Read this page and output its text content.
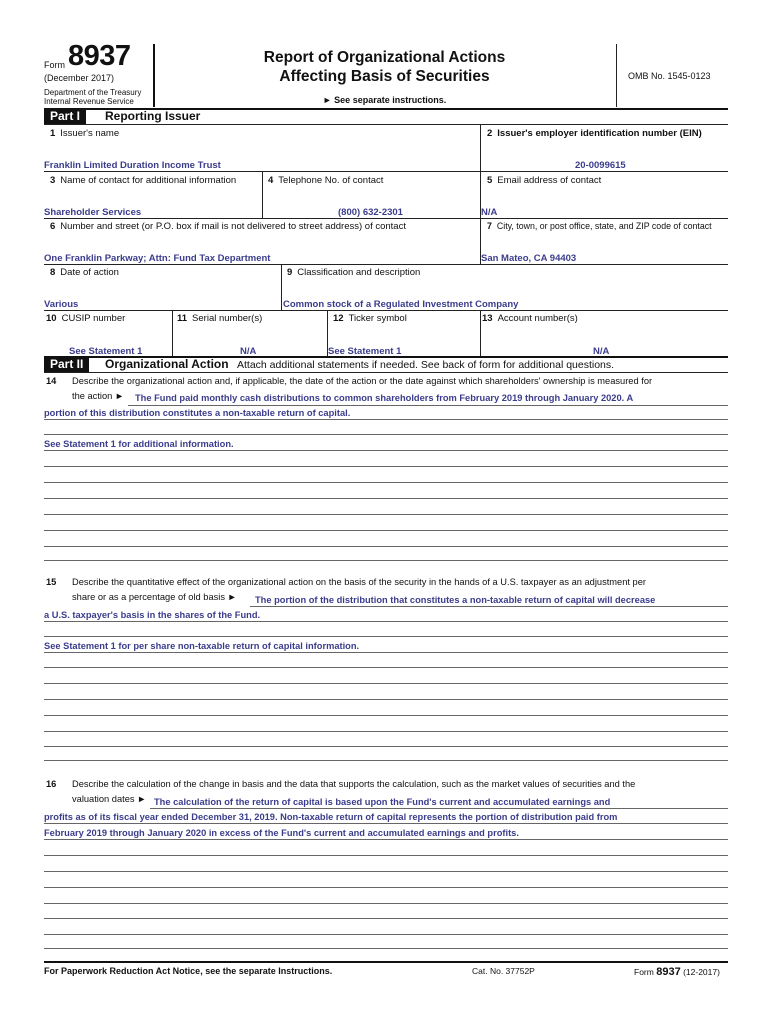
Form 8937
(December 2017)
Department of the Treasury
Internal Revenue Service
Report of Organizational Actions
Affecting Basis of Securities
► See separate instructions.
OMB No. 1545-0123
Part I	Reporting Issuer
1 Issuer's name
Franklin Limited Duration Income Trust
2 Issuer's employer identification number (EIN)
20-0099615
3 Name of contact for additional information
Shareholder Services
4 Telephone No. of contact
(800) 632-2301
5 Email address of contact
N/A
6 Number and street (or P.O. box if mail is not delivered to street address) of contact
One Franklin Parkway; Attn: Fund Tax Department
7 City, town, or post office, state, and ZIP code of contact
San Mateo, CA 94403
8 Date of action
Various
9 Classification and description
Common stock of a Regulated Investment Company
10 CUSIP number
See Statement 1
11 Serial number(s)
N/A
12 Ticker symbol
See Statement 1
13 Account number(s)
N/A
Part II	Organizational Action Attach additional statements if needed. See back of form for additional questions.
14 Describe the organizational action and, if applicable, the date of the action or the date against which shareholders' ownership is measured for
the action ► The Fund paid monthly cash distributions to common shareholders from February 2019 through January 2020. A
portion of this distribution constitutes a non-taxable return of capital.
See Statement 1 for additional information.
15 Describe the quantitative effect of the organizational action on the basis of the security in the hands of a U.S. taxpayer as an adjustment per
share or as a percentage of old basis ► The portion of the distribution that constitutes a non-taxable return of capital will decrease
a U.S. taxpayer's basis in the shares of the Fund.
See Statement 1 for per share non-taxable return of capital information.
16 Describe the calculation of the change in basis and the data that supports the calculation, such as the market values of securities and the
valuation dates ► The calculation of the return of capital is based upon the Fund's current and accumulated earnings and
profits as of its fiscal year ended December 31, 2019. Non-taxable return of capital represents the portion of distribution paid from
February 2019 through January 2020 in excess of the Fund's current and accumulated earnings and profits.
For Paperwork Reduction Act Notice, see the separate Instructions.	Cat. No. 37752P	Form 8937 (12-2017)
